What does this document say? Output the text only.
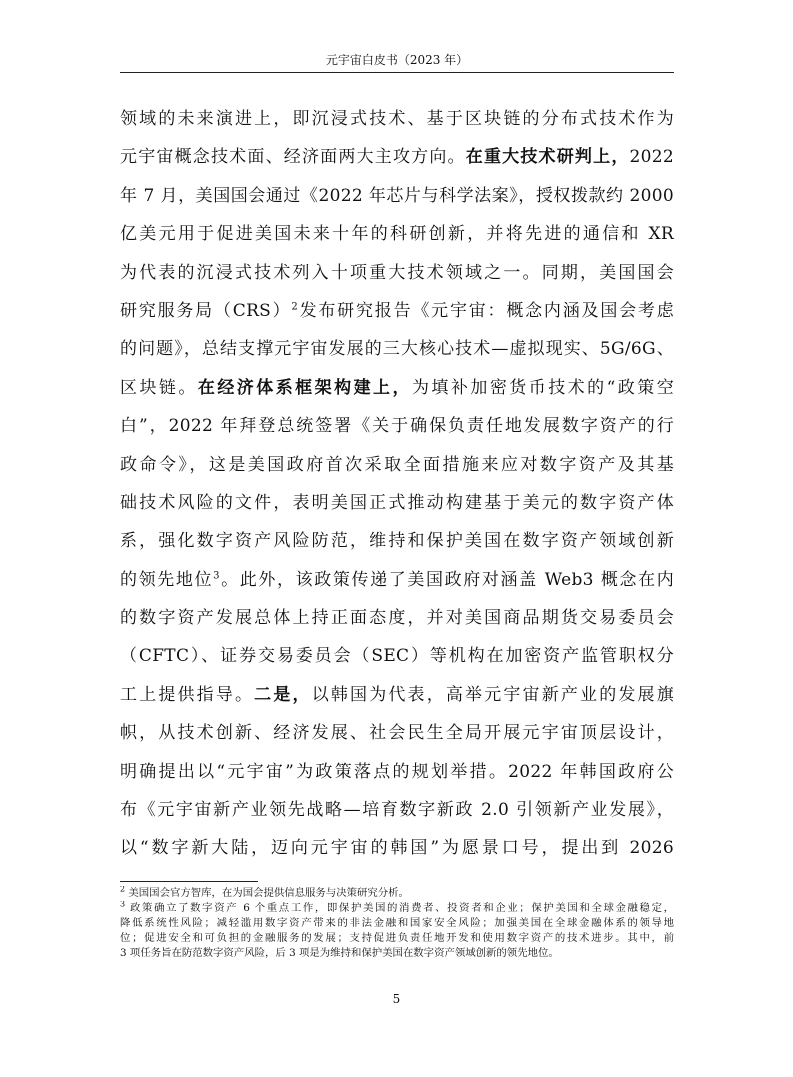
元宇宙白皮书（2023 年）
领域的未来演进上，即沉浸式技术、基于区块链的分布式技术作为
元宇宙概念技术面、经济面两大主攻方向。在重大技术研判上，2022
年 7 月，美国国会通过《2022 年芯片与科学法案》，授权拨款约 2000
亿美元用于促进美国未来十年的科研创新，并将先进的通信和 XR
为代表的沉浸式技术列入十项重大技术领域之一。同期，美国国会
研究服务局（CRS）$^2$发布研究报告《元宇宙：概念内涵及国会考虑
的问题》，总结支撑元宇宙发展的三大核心技术—虚拟现实、5G/6G、
区块链。在经济体系框架构建上，为填补加密货币技术的“政策空
白”，2022 年拜登总统签署《关于确保负责任地发展数字资产的行
政命令》，这是美国政府首次采取全面措施来应对数字资产及其基
础技术风险的文件，表明美国正式推动构建基于美元的数字资产体
系，强化数字资产风险防范，维持和保护美国在数字资产领域创新
的领先地位$^3$。此外，该政策传递了美国政府对涵盖 Web3 概念在内
的数字资产发展总体上持正面态度，并对美国商品期货交易委员会
（CFTC）、证券交易委员会（SEC）等机构在加密资产监管职权分
工上提供指导。二是，以韩国为代表，高举元宇宙新产业的发展旗
帜，从技术创新、经济发展、社会民生全局开展元宇宙顶层设计，
明确提出以“元宇宙”为政策落点的规划举措。2022 年韩国政府公
布《元宇宙新产业领先战略—培育数字新政 2.0 引领新产业发展》，
以“数字新大陆，迈向元宇宙的韩国”为愿景口号，提出到 2026
$^2$ 美国国会官方智库，在为国会提供信息服务与决策研究分析。
$^3$ 政策确立了数字资产 6 个重点工作，即保护美国的消费者、投资者和企业；保护美国和全球金融稳定，
降低系统性风险；减轻滥用数字资产带来的非法金融和国家安全风险；加强美国在全球金融体系的领导地
位；促进安全和可负担的金融服务的发展；支持促进负责任地开发和使用数字资产的技术进步。其中，前
3 项任务旨在防范数字资产风险，后 3 项是为维持和保护美国在数字资产领域创新的领先地位。
5
